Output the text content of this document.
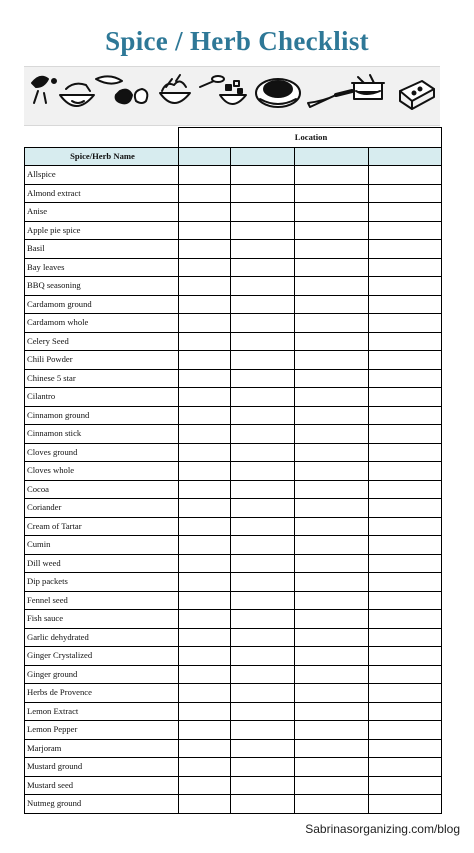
Spice / Herb Checklist
	Location			
Spice/Herb Name				
Allspice				
Almond extract				
Anise				
Apple pie spice				
Basil				
Bay leaves				
BBQ seasoning				
Cardamom ground				
Cardamom whole				
Celery Seed				
Chili Powder				
Chinese 5 star				
Cilantro				
Cinnamon ground				
Cinnamon stick				
Cloves ground				
Cloves whole				
Cocoa				
Coriander				
Cream of Tartar				
Cumin				
Dill weed				
Dip packets				
Fennel seed				
Fish sauce				
Garlic dehydrated				
Ginger Crystalized				
Ginger ground				
Herbs de Provence				
Lemon Extract				
Lemon Pepper				
Marjoram				
Mustard ground				
Mustard seed				
Nutmeg ground				
Sabrinasorganizing.com/blog
